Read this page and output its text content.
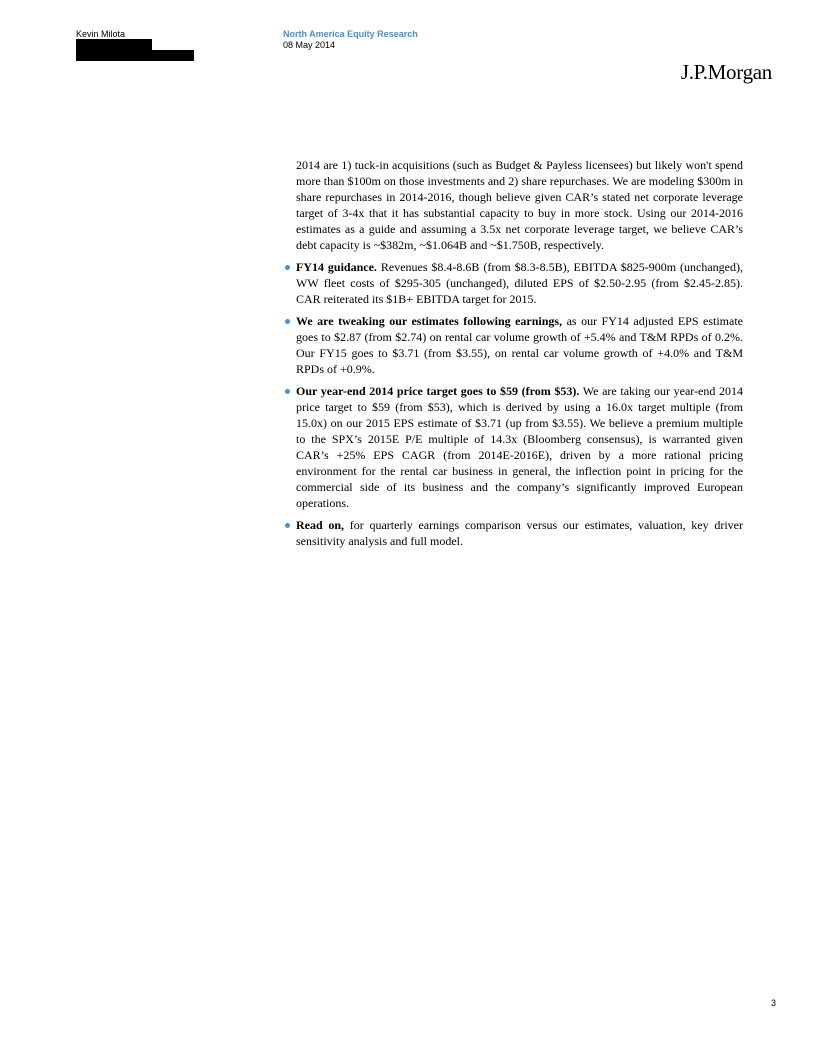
Kevin Milota	North America Equity Research
08 May 2014
J.P.Morgan

2014 are 1) tuck-in acquisitions (such as Budget & Payless licensees) but likely won't spend more than $100m on those investments and 2) share repurchases. We are modeling $300m in share repurchases in 2014-2016, though believe given CAR’s stated net corporate leverage target of 3-4x that it has substantial capacity to buy in more stock. Using our 2014-2016 estimates as a guide and assuming a 3.5x net corporate leverage target, we believe CAR’s debt capacity is ~$382m, ~$1.064B and ~$1.750B, respectively.

FY14 guidance. Revenues $8.4-8.6B (from $8.3-8.5B), EBITDA $825-900m (unchanged), WW fleet costs of $295-305 (unchanged), diluted EPS of $2.50-2.95 (from $2.45-2.85). CAR reiterated its $1B+ EBITDA target for 2015.
We are tweaking our estimates following earnings, as our FY14 adjusted EPS estimate goes to $2.87 (from $2.74) on rental car volume growth of +5.4% and T&M RPDs of 0.2%. Our FY15 goes to $3.71 (from $3.55), on rental car volume growth of +4.0% and T&M RPDs of +0.9%.
Our year-end 2014 price target goes to $59 (from $53). We are taking our year-end 2014 price target to $59 (from $53), which is derived by using a 16.0x target multiple (from 15.0x) on our 2015 EPS estimate of $3.71 (up from $3.55). We believe a premium multiple to the SPX’s 2015E P/E multiple of 14.3x (Bloomberg consensus), is warranted given CAR’s +25% EPS CAGR (from 2014E-2016E), driven by a more rational pricing environment for the rental car business in general, the inflection point in pricing for the commercial side of its business and the company’s significantly improved European operations.
Read on, for quarterly earnings comparison versus our estimates, valuation, key driver sensitivity analysis and full model.
3
